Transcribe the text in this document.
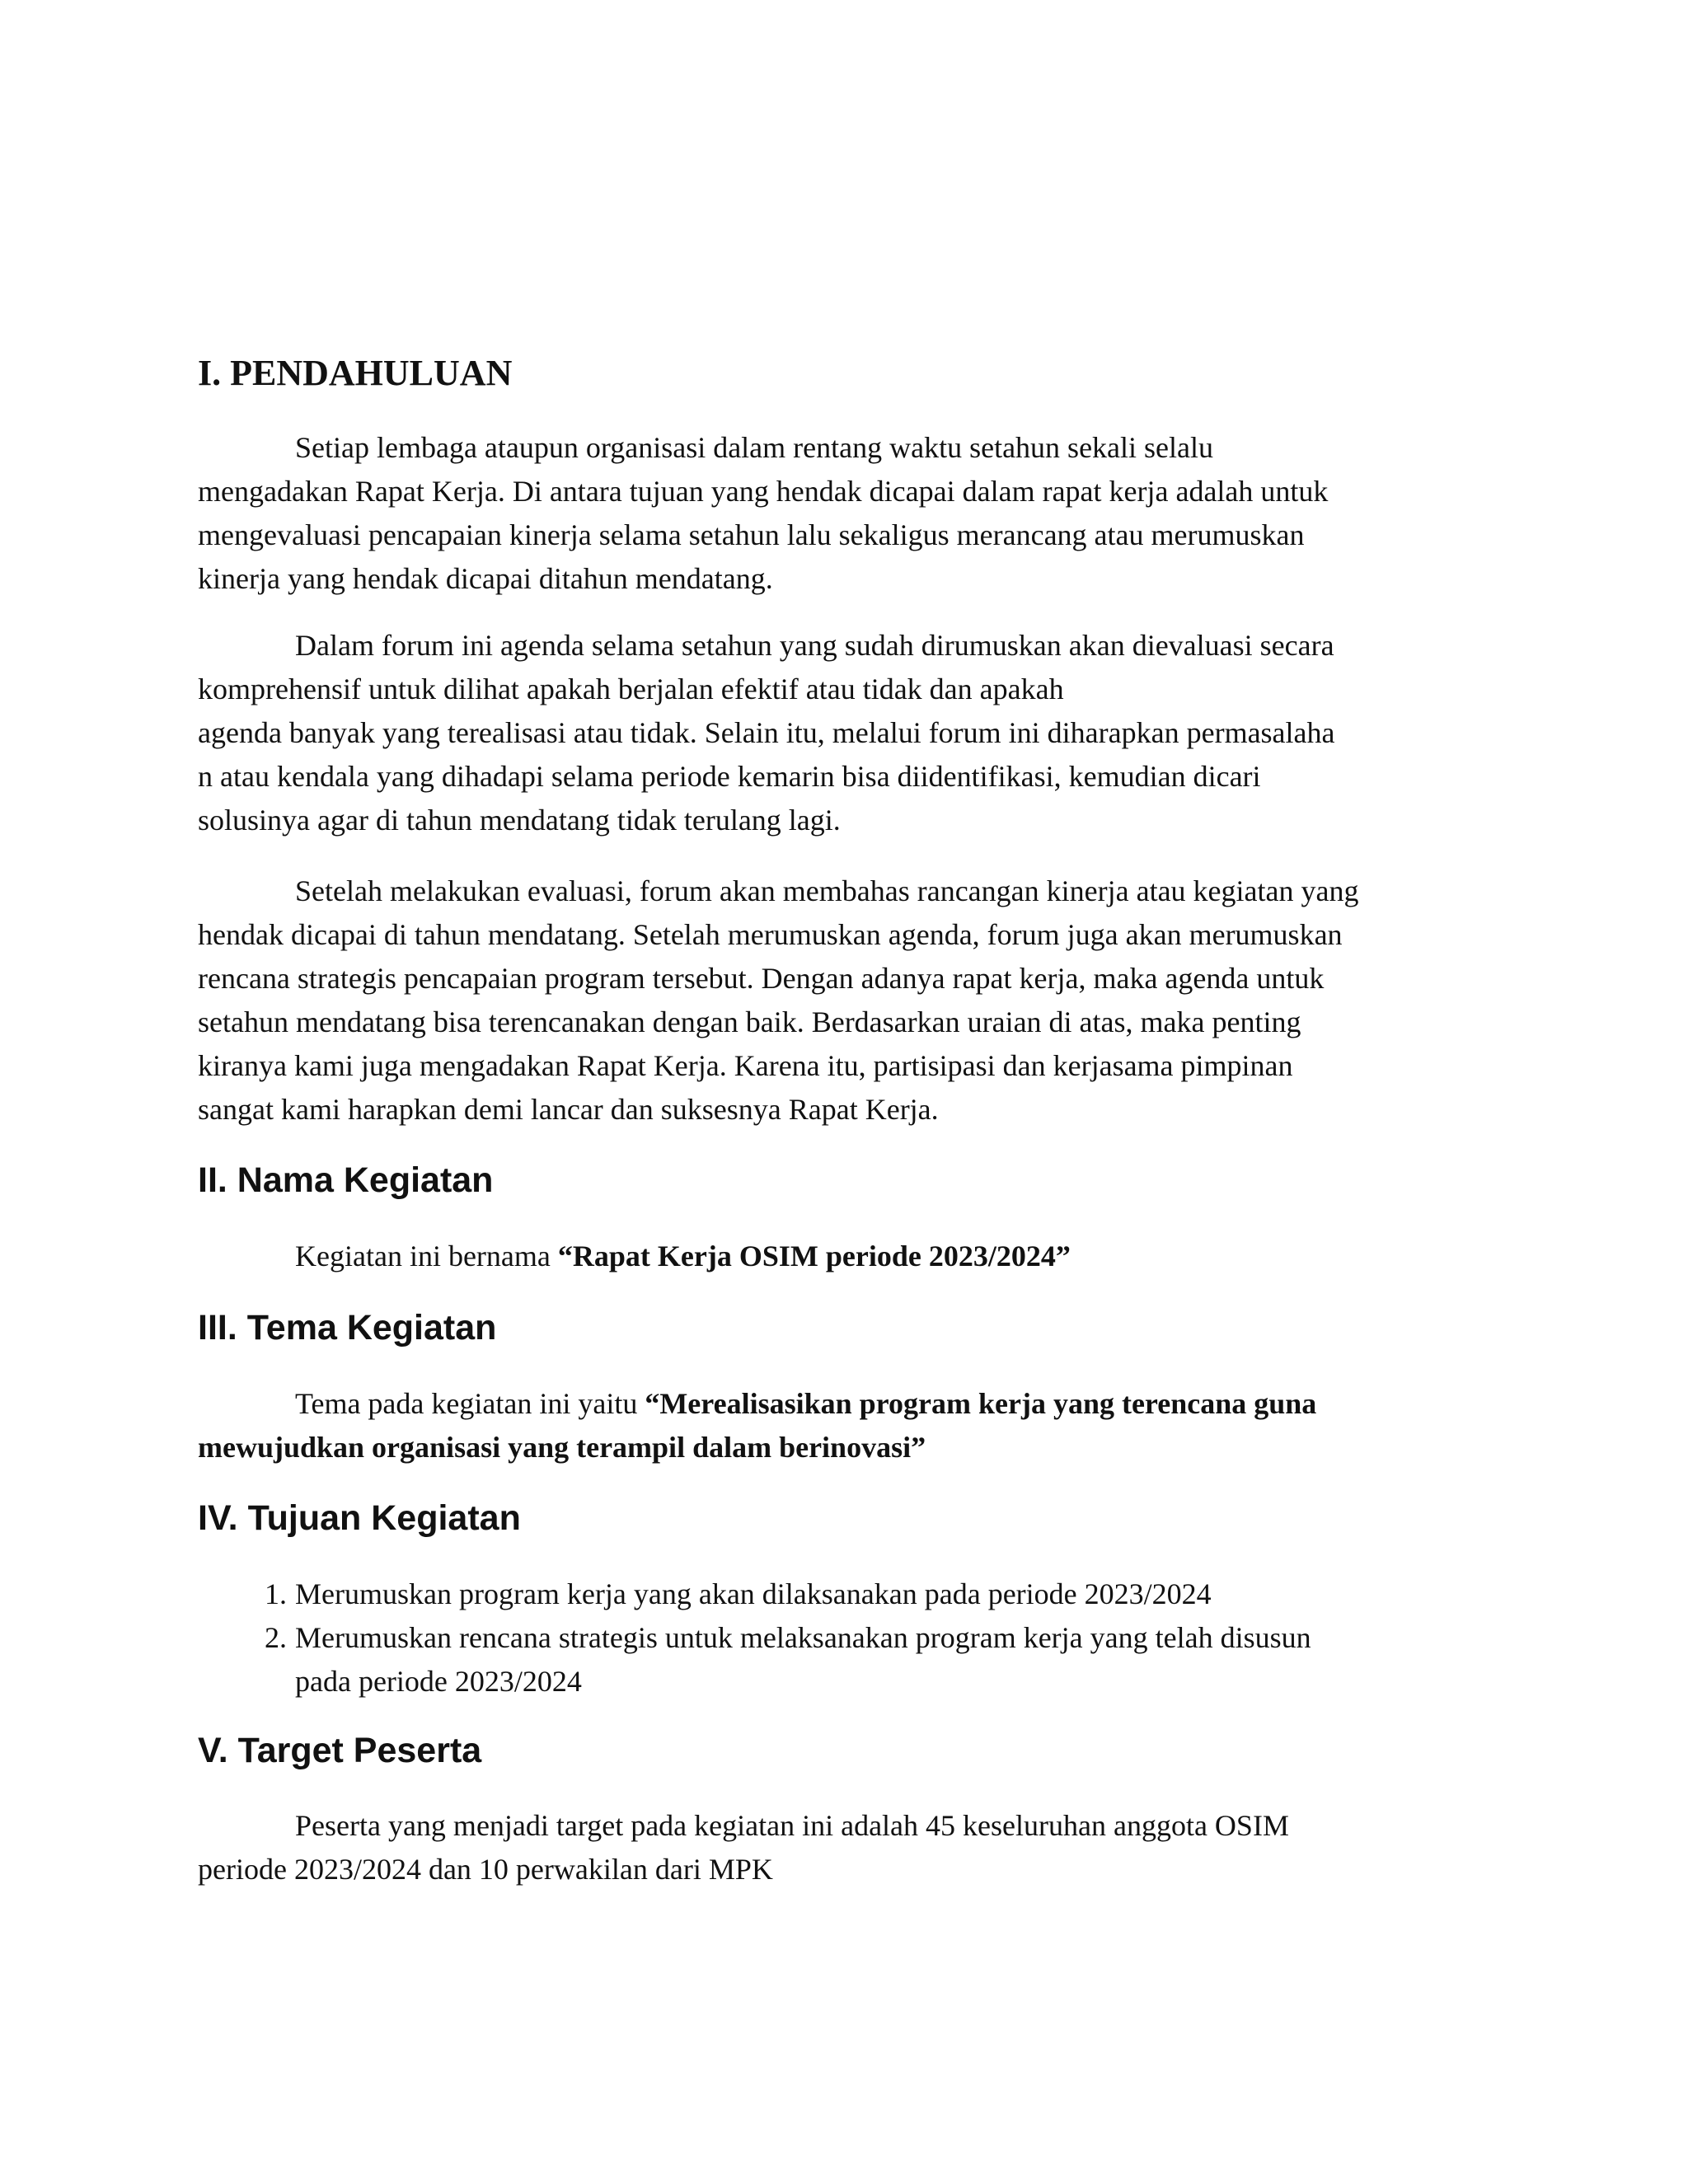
I. PENDAHULUAN

Setiap lembaga ataupun organisasi dalam rentang waktu setahun sekali selalu
mengadakan Rapat Kerja. Di antara tujuan yang hendak dicapai dalam rapat kerja adalah untuk
mengevaluasi pencapaian kinerja selama setahun lalu sekaligus merancang atau merumuskan
kinerja yang hendak dicapai ditahun mendatang.

Dalam forum ini agenda selama setahun yang sudah dirumuskan akan dievaluasi secara
komprehensif untuk dilihat apakah berjalan efektif atau tidak dan apakah
agenda banyak yang terealisasi atau tidak. Selain itu, melalui forum ini diharapkan permasalaha
n atau kendala yang dihadapi selama periode kemarin bisa diidentifikasi, kemudian dicari
solusinya agar di tahun mendatang tidak terulang lagi.

Setelah melakukan evaluasi, forum akan membahas rancangan kinerja atau kegiatan yang
hendak dicapai di tahun mendatang. Setelah merumuskan agenda, forum juga akan merumuskan
rencana strategis pencapaian program tersebut. Dengan adanya rapat kerja, maka agenda untuk
setahun mendatang bisa terencanakan dengan baik. Berdasarkan uraian di atas, maka penting
kiranya kami juga mengadakan Rapat Kerja. Karena itu, partisipasi dan kerjasama pimpinan
sangat kami harapkan demi lancar dan suksesnya Rapat Kerja.

II. Nama Kegiatan

Kegiatan ini bernama “Rapat Kerja OSIM periode 2023/2024”

III. Tema Kegiatan

Tema pada kegiatan ini yaitu “Merealisasikan program kerja yang terencana guna
mewujudkan organisasi yang terampil dalam berinovasi”

IV. Tujuan Kegiatan
1. Merumuskan program kerja yang akan dilaksanakan pada periode 2023/2024
2. Merumuskan rencana strategis untuk melaksanakan program kerja yang telah disusun
pada periode 2023/2024
V. Target Peserta

Peserta yang menjadi target pada kegiatan ini adalah 45 keseluruhan anggota OSIM
periode 2023/2024 dan 10 perwakilan dari MPK
